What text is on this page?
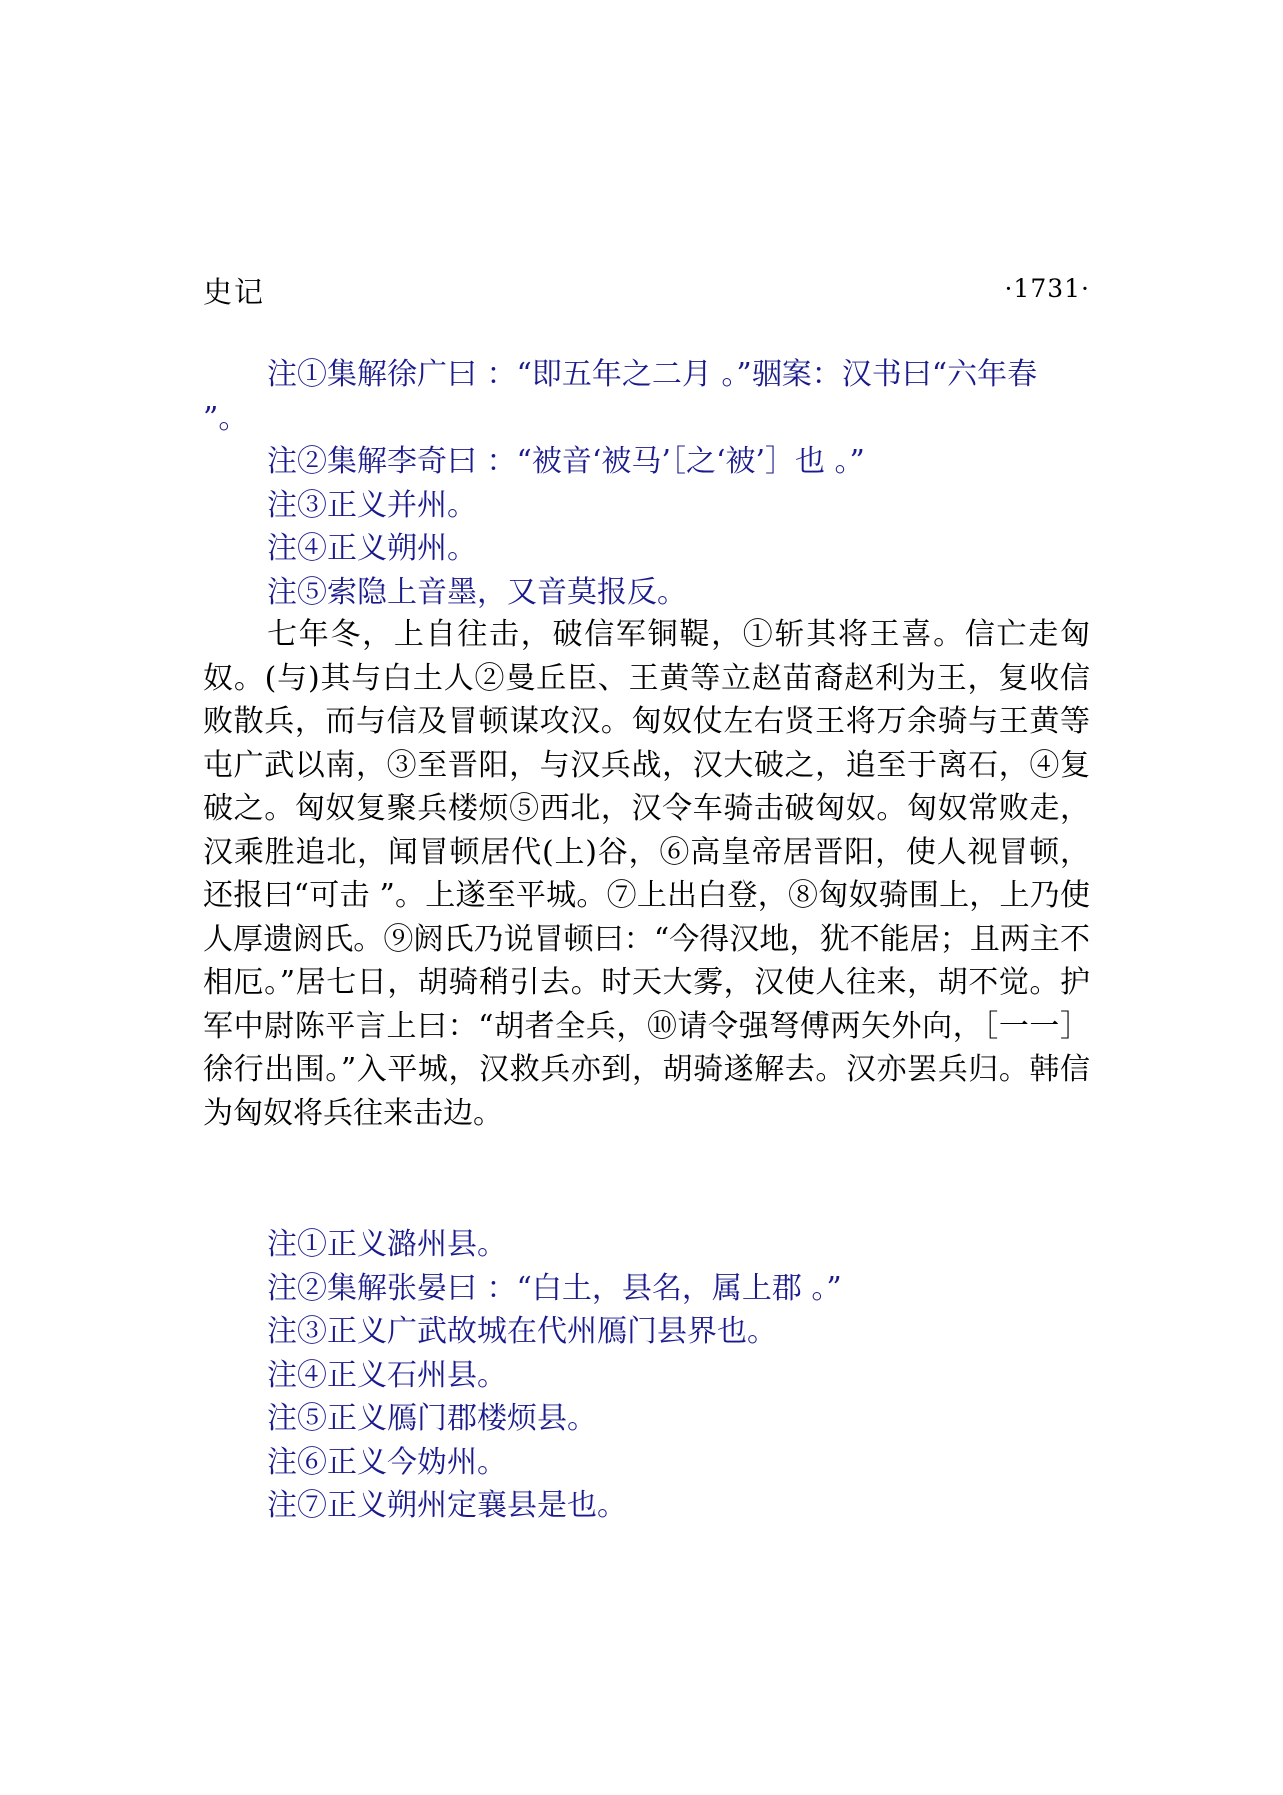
史记	·1731·

注①集解徐广曰 ：“即五年之二月 。”骃案：汉书曰“六年春 ”。

注②集解李奇曰 ：“被音‘被马’［之‘被’］也 。”

注③正义并州。

注④正义朔州。

注⑤索隐上音墨，又音莫报反。

七年冬，上自往击，破信军铜鞮，①斩其将王喜。信亡走匈奴。(与)其与白土人②曼丘臣、王黄等立赵苗裔赵利为王，复收信败散兵，而与信及冒顿谋攻汉。匈奴仗左右贤王将万余骑与王黄等屯广武以南，③至晋阳，与汉兵战，汉大破之，追至于离石，④复破之。匈奴复聚兵楼烦⑤西北，汉令车骑击破匈奴。匈奴常败走，汉乘胜追北，闻冒顿居代(上)谷，⑥高皇帝居晋阳，使人视冒顿，还报曰“可击 ”。上遂至平城。⑦上出白登，⑧匈奴骑围上，上乃使人厚遗阏氏。⑨阏氏乃说冒顿曰：“今得汉地，犹不能居；且两主不相厄。”居七日，胡骑稍引去。时天大雾，汉使人往来，胡不觉。护军中尉陈平言上曰：“胡者全兵，⑩请令强弩傅两矢外向，［一一］徐行出围。”入平城，汉救兵亦到，胡骑遂解去。汉亦罢兵归。韩信为匈奴将兵往来击边。

注①正义潞州县。

注②集解张晏曰 ：“白土，县名，属上郡 。”

注③正义广武故城在代州鴈门县界也。

注④正义石州县。

注⑤正义鴈门郡楼烦县。

注⑥正义今妫州。

注⑦正义朔州定襄县是也。
